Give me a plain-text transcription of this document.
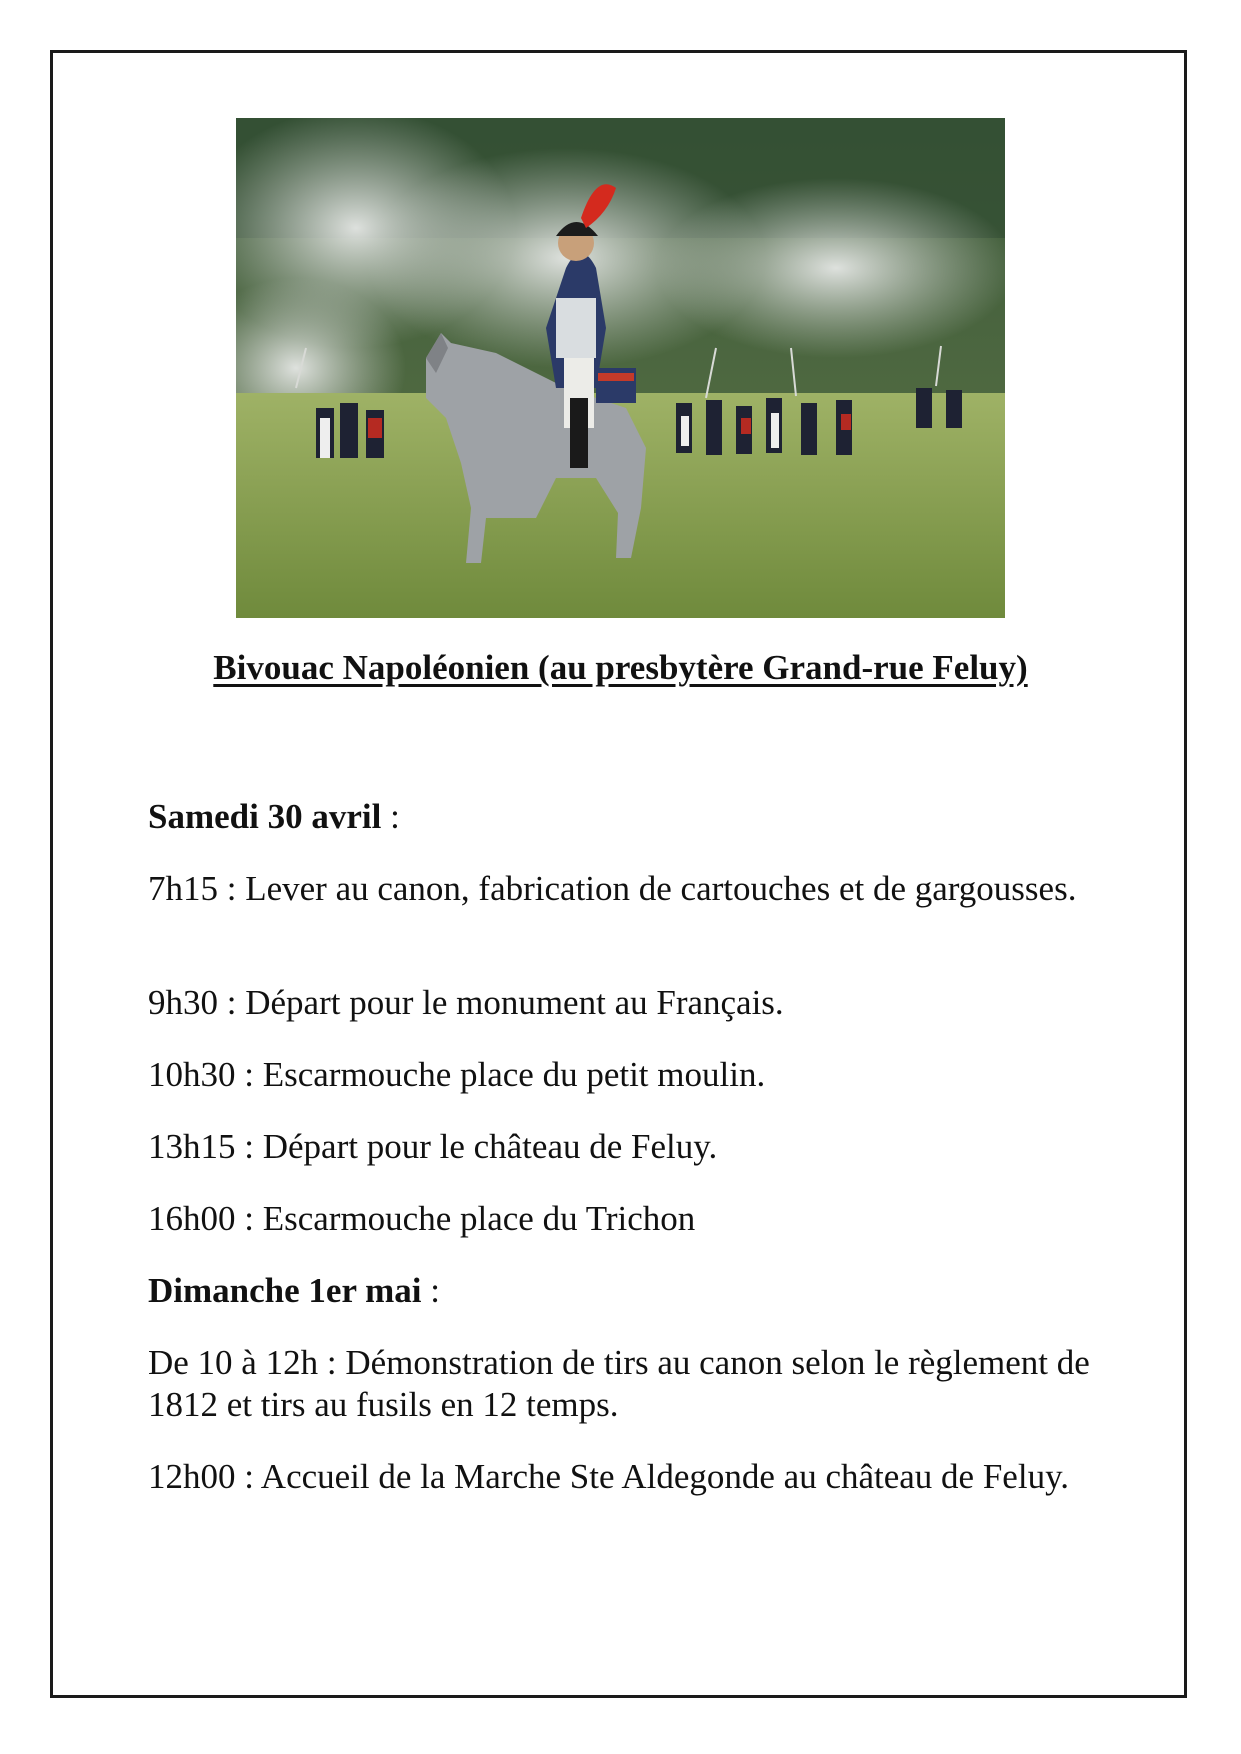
Bivouac Napoléonien (au presbytère Grand-rue Feluy)

Samedi 30 avril :

7h15 : Lever au canon, fabrication de cartouches et de gargousses.

9h30 : Départ pour le monument au Français.

10h30 : Escarmouche place du petit moulin.

13h15 : Départ pour le château de Feluy.

16h00 : Escarmouche place du Trichon

Dimanche 1er mai :

De 10 à 12h : Démonstration de tirs au canon selon le règlement de 1812 et tirs au fusils en 12 temps.

12h00 : Accueil de la Marche Ste Aldegonde au château de Feluy.
